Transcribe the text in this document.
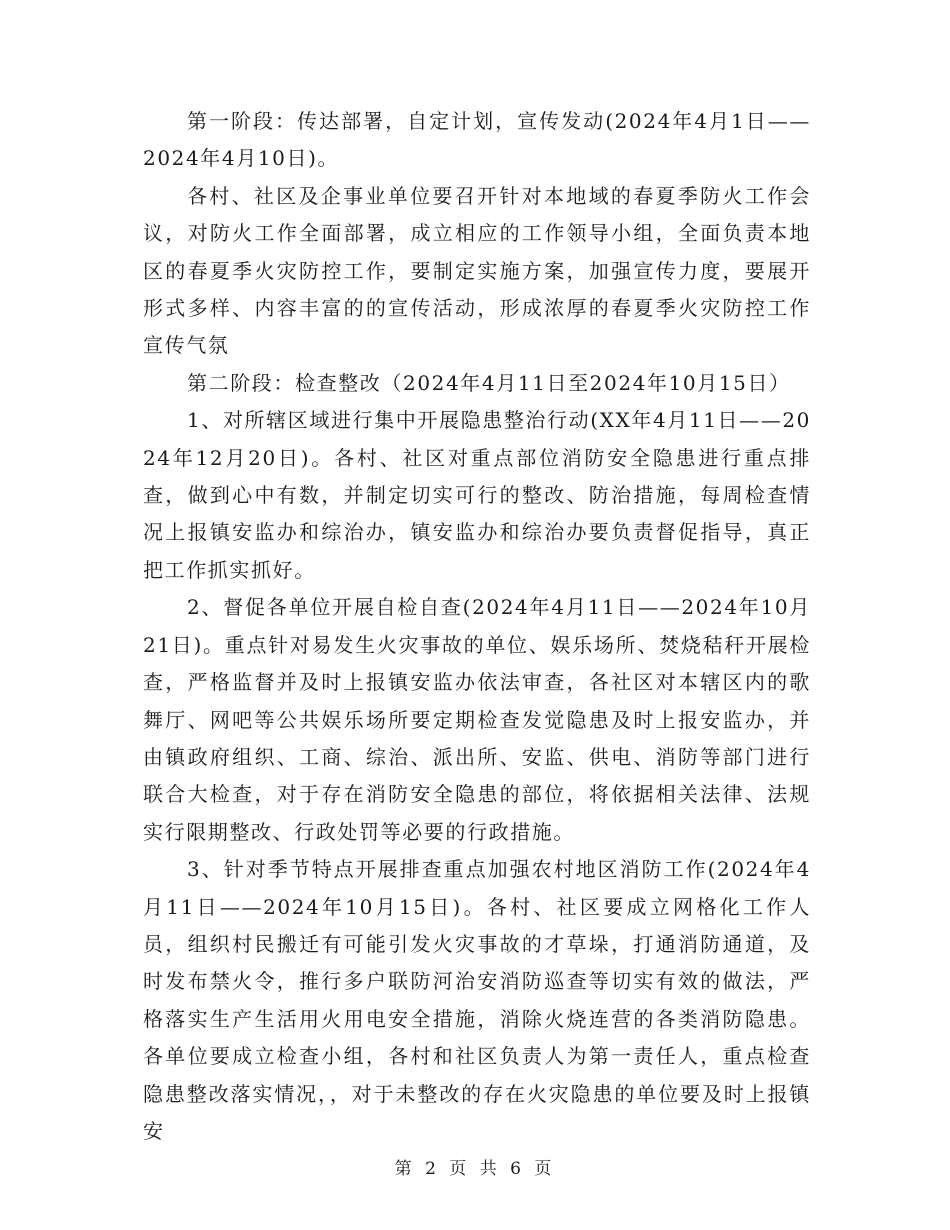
第一阶段：传达部署，自定计划，宣传发动(2024年4月1日——2024年4月10日)。

各村、社区及企事业单位要召开针对本地域的春夏季防火工作会议，对防火工作全面部署，成立相应的工作领导小组，全面负责本地区的春夏季火灾防控工作，要制定实施方案，加强宣传力度，要展开形式多样、内容丰富的的宣传活动，形成浓厚的春夏季火灾防控工作宣传气氛

第二阶段：检查整改（2024年4月11日至2024年10月15日）

1、对所辖区域进行集中开展隐患整治行动(XX年4月11日——2024年12月20日)。各村、社区对重点部位消防安全隐患进行重点排查，做到心中有数，并制定切实可行的整改、防治措施，每周检查情况上报镇安监办和综治办，镇安监办和综治办要负责督促指导，真正把工作抓实抓好。

2、督促各单位开展自检自查(2024年4月11日——2024年10月21日)。重点针对易发生火灾事故的单位、娱乐场所、焚烧秸秆开展检查，严格监督并及时上报镇安监办依法审查，各社区对本辖区内的歌舞厅、网吧等公共娱乐场所要定期检查发觉隐患及时上报安监办，并由镇政府组织、工商、综治、派出所、安监、供电、消防等部门进行联合大检查，对于存在消防安全隐患的部位，将依据相关法律、法规实行限期整改、行政处罚等必要的行政措施。

3、针对季节特点开展排查重点加强农村地区消防工作(2024年4月11日——2024年10月15日)。各村、社区要成立网格化工作人员，组织村民搬迁有可能引发火灾事故的才草垛，打通消防通道，及时发布禁火令，推行多户联防河治安消防巡查等切实有效的做法，严格落实生产生活用火用电安全措施，消除火烧连营的各类消防隐患。各单位要成立检查小组，各村和社区负责人为第一责任人，重点检查隐患整改落实情况，，对于未整改的存在火灾隐患的单位要及时上报镇安

第 2 页 共 6 页
